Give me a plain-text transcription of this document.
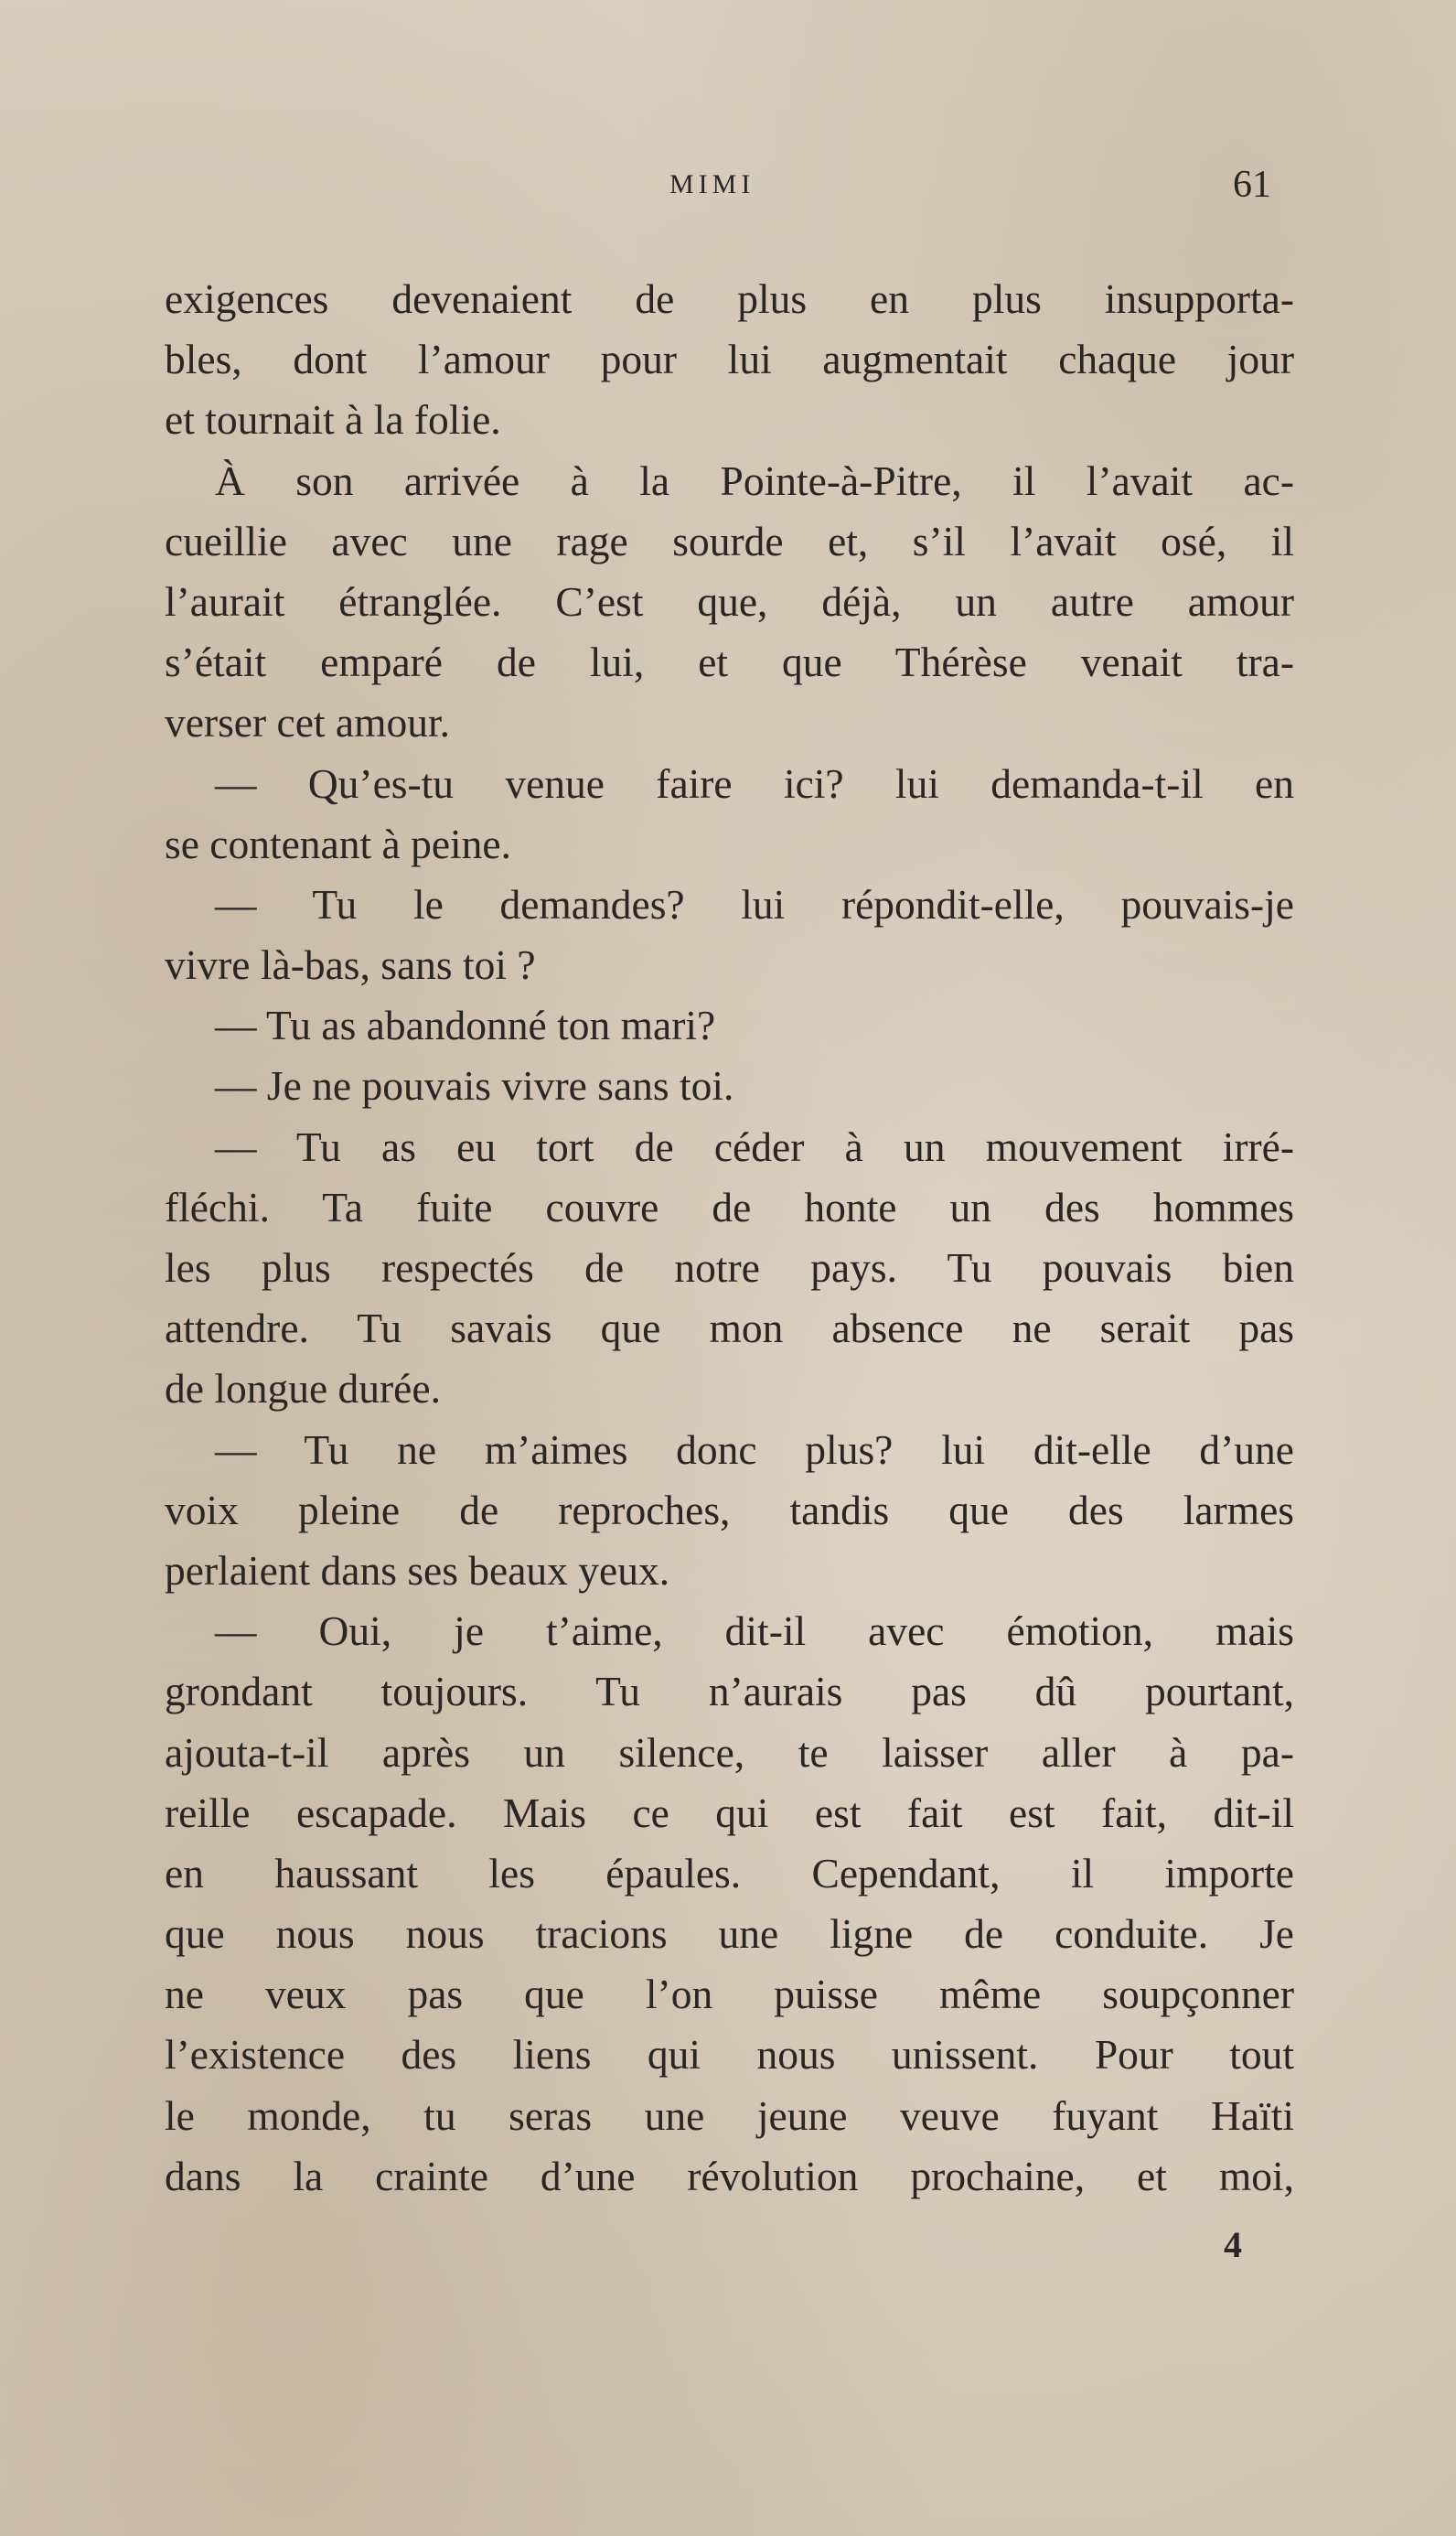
MIMI	61
exigences devenaient de plus en plus insupporta-
bles, dont l’amour pour lui augmentait chaque jour
et tournait à la folie.
À son arrivée à la Pointe-à-Pitre, il l’avait ac-
cueillie avec une rage sourde et, s’il l’avait osé, il
l’aurait étranglée. C’est que, déjà, un autre amour
s’était emparé de lui, et que Thérèse venait tra-
verser cet amour.
— Qu’es-tu venue faire ici? lui demanda-t-il en
se contenant à peine.
— Tu le demandes? lui répondit-elle, pouvais-je
vivre là-bas, sans toi ?
— Tu as abandonné ton mari?
— Je ne pouvais vivre sans toi.
— Tu as eu tort de céder à un mouvement irré-
fléchi. Ta fuite couvre de honte un des hommes
les plus respectés de notre pays. Tu pouvais bien
attendre. Tu savais que mon absence ne serait pas
de longue durée.
— Tu ne m’aimes donc plus? lui dit-elle d’une
voix pleine de reproches, tandis que des larmes
perlaient dans ses beaux yeux.
— Oui, je t’aime, dit-il avec émotion, mais
grondant toujours. Tu n’aurais pas dû pourtant,
ajouta-t-il après un silence, te laisser aller à pa-
reille escapade. Mais ce qui est fait est fait, dit-il
en haussant les épaules. Cependant, il importe
que nous nous tracions une ligne de conduite. Je
ne veux pas que l’on puisse même soupçonner
l’existence des liens qui nous unissent. Pour tout
le monde, tu seras une jeune veuve fuyant Haïti
dans la crainte d’une révolution prochaine, et moi,
4
